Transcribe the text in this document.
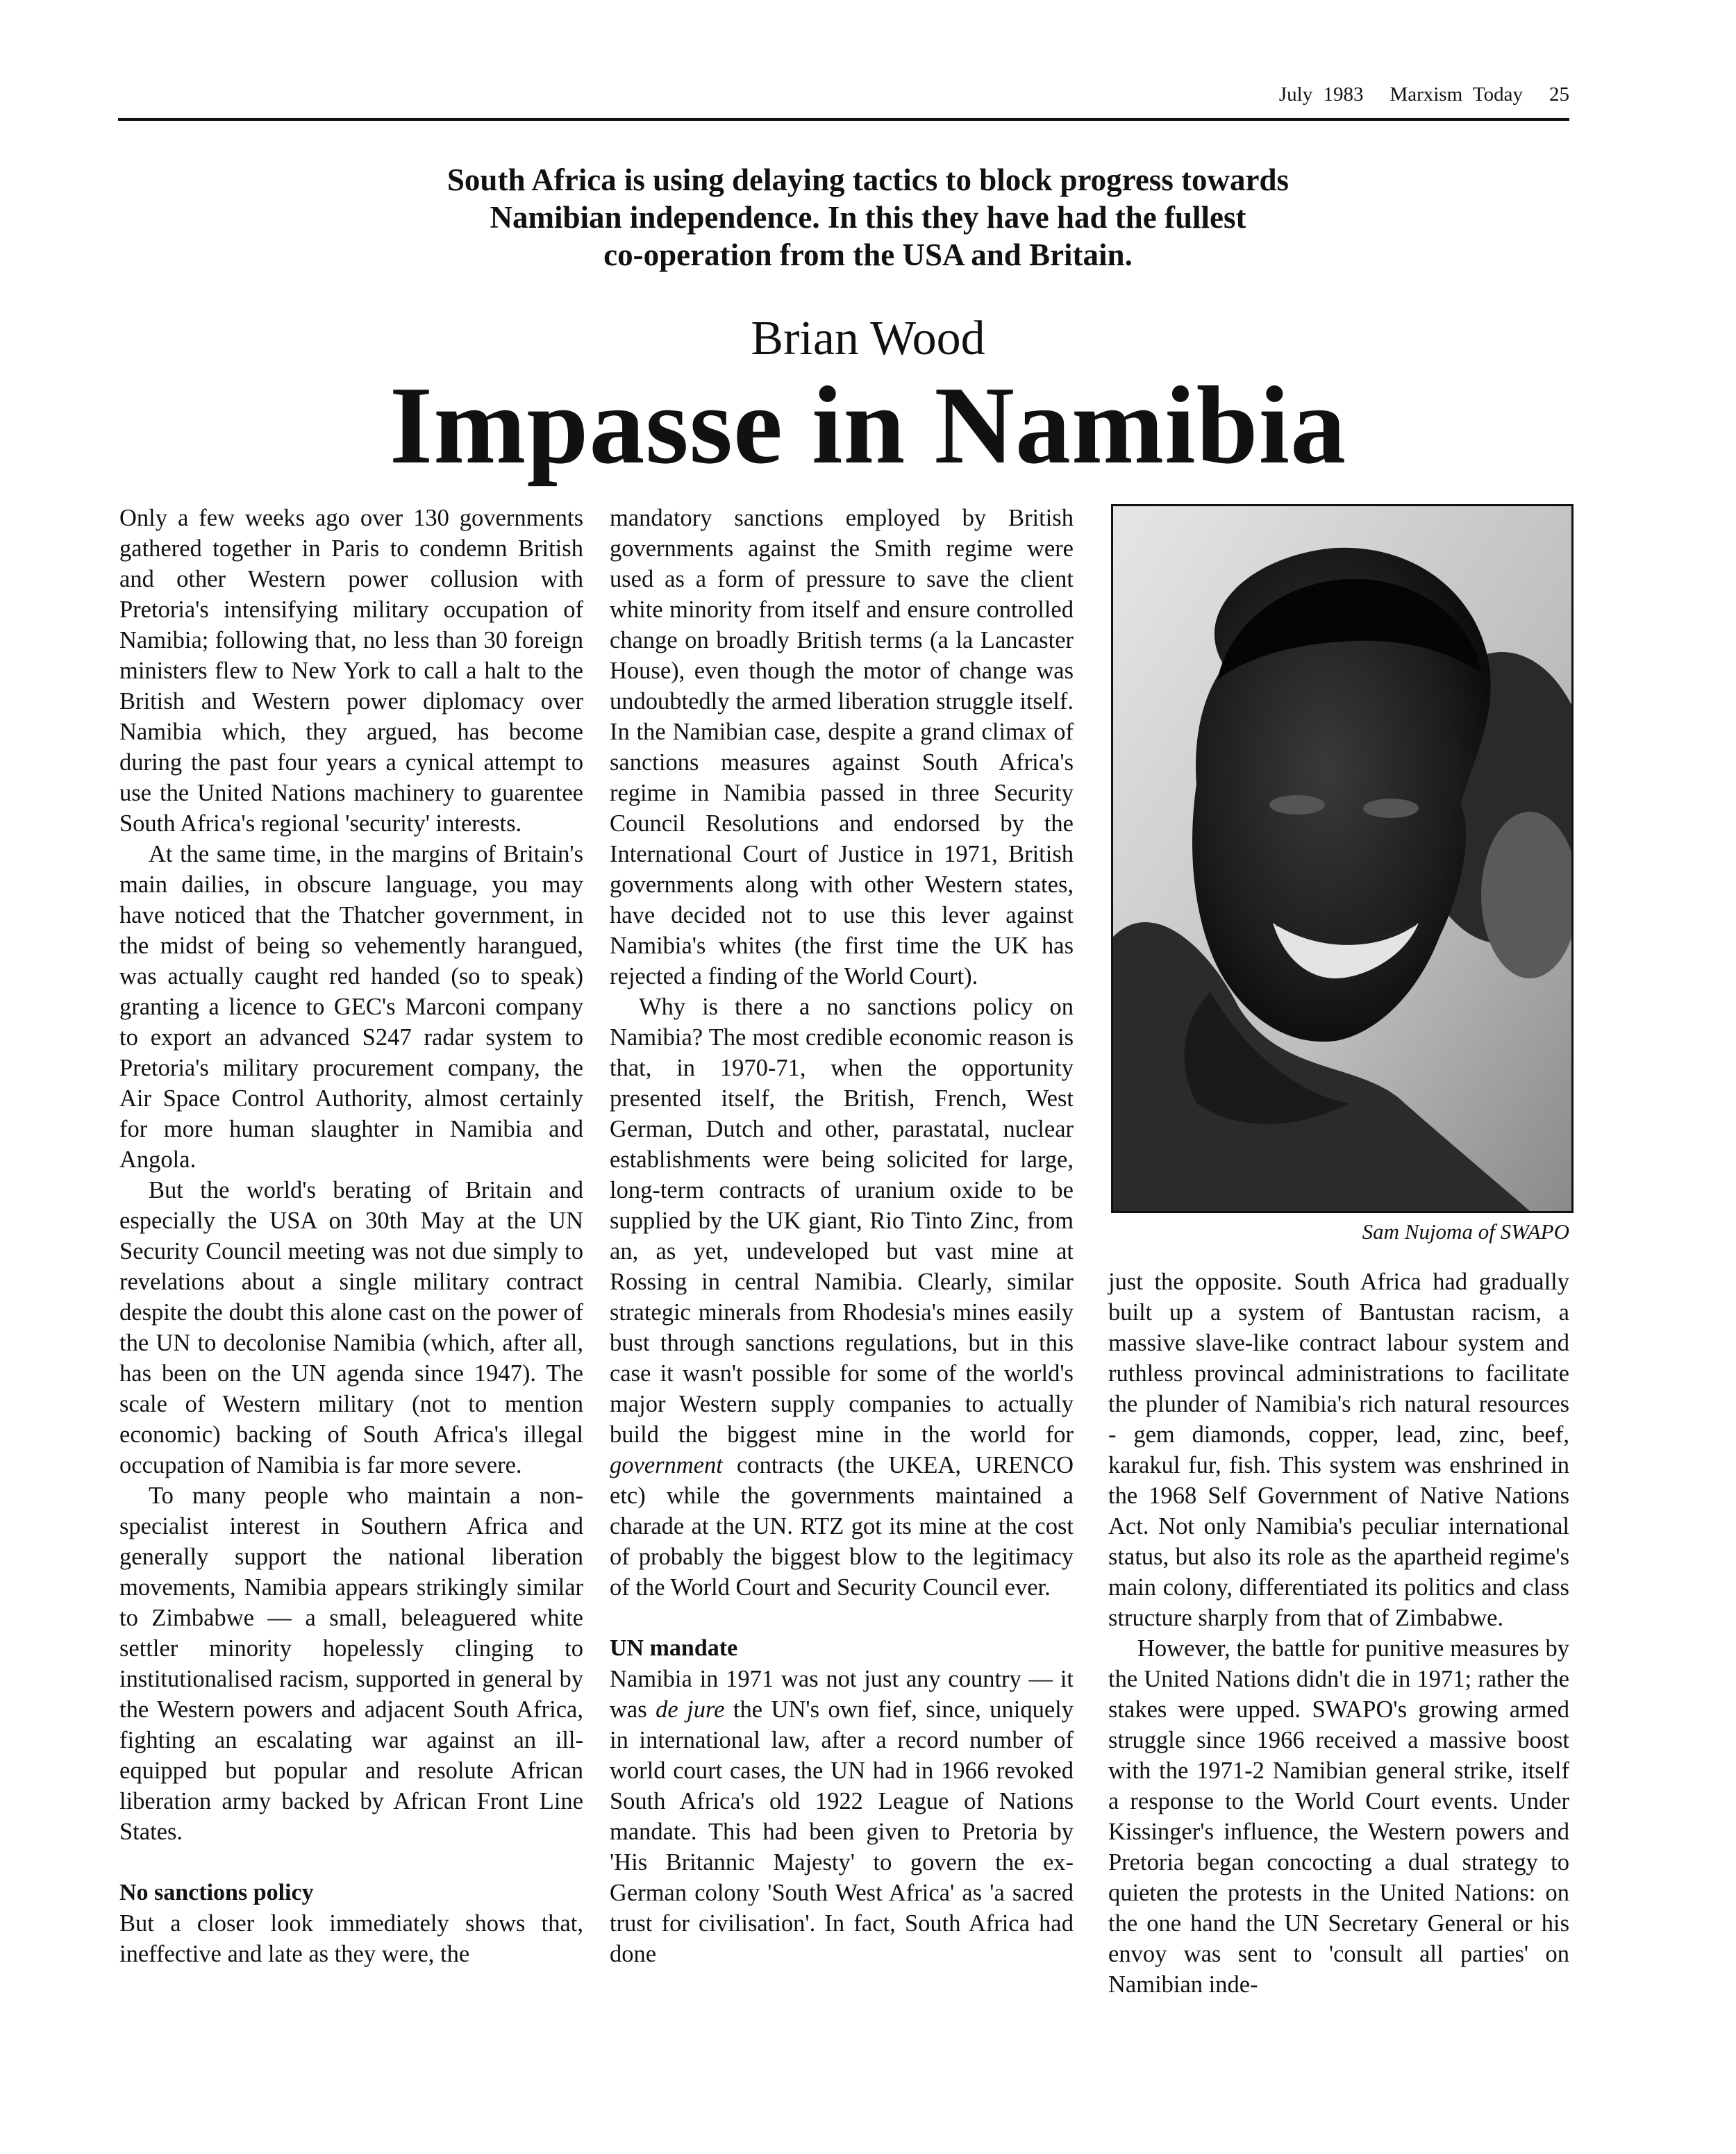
July 1983 Marxism Today 25
South Africa is using delaying tactics to block progress towards
Namibian independence. In this they have had the fullest
co-operation from the USA and Britain.
Brian Wood
Impasse in Namibia

Only a few weeks ago over 130 governments gathered together in Paris to condemn British and other Western power collusion with Pretoria's intensifying military occupation of Namibia; following that, no less than 30 foreign ministers flew to New York to call a halt to the British and Western power diplomacy over Namibia which, they argued, has become during the past four years a cynical attempt to use the United Nations machinery to guarentee South Africa's regional 'security' interests.

At the same time, in the margins of Britain's main dailies, in obscure language, you may have noticed that the Thatcher government, in the midst of being so vehemently harangued, was actually caught red handed (so to speak) granting a licence to GEC's Marconi company to export an advanced S247 radar system to Pretoria's military procurement company, the Air Space Control Authority, almost certainly for more human slaughter in Namibia and Angola.

But the world's berating of Britain and especially the USA on 30th May at the UN Security Council meeting was not due simply to revelations about a single military contract despite the doubt this alone cast on the power of the UN to decolonise Namibia (which, after all, has been on the UN agenda since 1947). The scale of Western military (not to mention economic) backing of South Africa's illegal occupation of Namibia is far more severe.

To many people who maintain a non-specialist interest in Southern Africa and generally support the national liberation movements, Namibia appears strikingly similar to Zimbabwe — a small, beleaguered white settler minority hopelessly clinging to institutionalised racism, supported in general by the Western powers and adjacent South Africa, fighting an escalating war against an ill-equipped but popular and resolute African liberation army backed by African Front Line States.

No sanctions policy

But a closer look immediately shows that, ineffective and late as they were, the

mandatory sanctions employed by British governments against the Smith regime were used as a form of pressure to save the client white minority from itself and ensure controlled change on broadly British terms (a la Lancaster House), even though the motor of change was undoubtedly the armed liberation struggle itself. In the Namibian case, despite a grand climax of sanctions measures against South Africa's regime in Namibia passed in three Security Council Resolutions and endorsed by the International Court of Justice in 1971, British governments along with other Western states, have decided not to use this lever against Namibia's whites (the first time the UK has rejected a finding of the World Court).

Why is there a no sanctions policy on Namibia? The most credible economic reason is that, in 1970-71, when the opportunity presented itself, the British, French, West German, Dutch and other, parastatal, nuclear establishments were being solicited for large, long-term contracts of uranium oxide to be supplied by the UK giant, Rio Tinto Zinc, from an, as yet, undeveloped but vast mine at Rossing in central Namibia. Clearly, similar strategic minerals from Rhodesia's mines easily bust through sanctions regulations, but in this case it wasn't possible for some of the world's major Western supply companies to actually build the biggest mine in the world for government contracts (the UKEA, URENCO etc) while the governments maintained a charade at the UN. RTZ got its mine at the cost of probably the biggest blow to the legitimacy of the World Court and Security Council ever.

UN mandate

Namibia in 1971 was not just any country — it was de jure the UN's own fief, since, uniquely in international law, after a record number of world court cases, the UN had in 1966 revoked South Africa's old 1922 League of Nations mandate. This had been given to Pretoria by 'His Britannic Majesty' to govern the ex-German colony 'South West Africa' as 'a sacred trust for civilisation'. In fact, South Africa had done

Sam Nujoma of SWAPO

just the opposite. South Africa had gradually built up a system of Bantustan racism, a massive slave-like contract labour system and ruthless provincal administrations to facilitate the plunder of Namibia's rich natural resources - gem diamonds, copper, lead, zinc, beef, karakul fur, fish. This system was enshrined in the 1968 Self Government of Native Nations Act. Not only Namibia's peculiar international status, but also its role as the apartheid regime's main colony, differentiated its politics and class structure sharply from that of Zimbabwe.

However, the battle for punitive measures by the United Nations didn't die in 1971; rather the stakes were upped. SWAPO's growing armed struggle since 1966 received a massive boost with the 1971-2 Namibian general strike, itself a response to the World Court events. Under Kissinger's influence, the Western powers and Pretoria began concocting a dual strategy to quieten the protests in the United Nations: on the one hand the UN Secretary General or his envoy was sent to 'consult all parties' on Namibian inde-
